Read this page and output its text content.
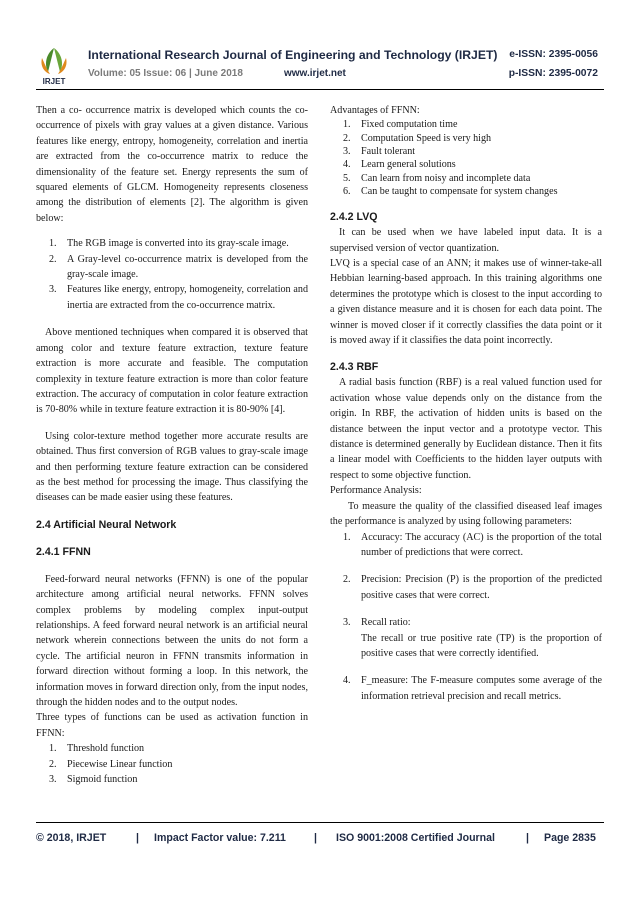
IRJET
International Research Journal of Engineering and Technology (IRJET) e-ISSN: 2395-0056
Volume: 05 Issue: 06 | June 2018	www.irjet.net	p-ISSN: 2395-0072

Then a co- occurrence matrix is developed which counts the co-occurrence of pixels with gray values at a given distance. Various features like energy, entropy, homogeneity, correlation and inertia are extracted from the co-occurrence matrix to reduce the dimensionality of the feature set. Energy represents the sum of squared elements of GLCM. Homogeneity represents closeness among the distribution of elements [2]. The algorithm is given below:

1. The RGB image is converted into its gray-scale image.
2. A Gray-level co-occurrence matrix is developed from the gray-scale image.
3. Features like energy, entropy, homogeneity, correlation and inertia are extracted from the co-occurrence matrix.

Above mentioned techniques when compared it is observed that among color and texture feature extraction, texture feature extraction is more accurate and feasible. The computation complexity in texture feature extraction is more than color feature extraction. The accuracy of computation in color feature extraction is 70-80% while in texture feature extraction it is 80-90% [4].

Using color-texture method together more accurate results are obtained. Thus first conversion of RGB values to gray-scale image and then performing texture feature extraction can be considered as the best method for processing the image. Thus classifying the diseases can be made easier using these features.

2.4 Artificial Neural Network
2.4.1 FFNN

Feed-forward neural networks (FFNN) is one of the popular architecture among artificial neural networks. FFNN solves complex problems by modeling complex input-output relationships. A feed forward neural network is an artificial neural network wherein connections between the units do not form a cycle. The artificial neuron in FFNN transmits information in forward direction without forming a loop. In this network, the information moves in forward direction only, from the input nodes, through the hidden nodes and to the output nodes.

Three types of functions can be used as activation function in FFNN:

1. Threshold function
2. Piecewise Linear function
3. Sigmoid function

Advantages of FFNN:

1. Fixed computation time
2. Computation Speed is very high
3. Fault tolerant
4. Learn general solutions
5. Can learn from noisy and incomplete data
6. Can be taught to compensate for system changes
2.4.2 LVQ

It can be used when we have labeled input data. It is a supervised version of vector quantization.

LVQ is a special case of an ANN; it makes use of winner-take-all Hebbian learning-based approach. In this training algorithms one determines the prototype which is closest to the input according to a given distance measure and it is chosen for each data point. The winner is moved closer if it correctly classifies the data point or it is moved away if it classifies the data point incorrectly.

2.4.3 RBF

A radial basis function (RBF) is a real valued function used for activation whose value depends only on the distance from the origin. In RBF, the activation of hidden units is based on the distance between the input vector and a prototype vector. This distance is determined generally by Euclidean distance. Then it fits a linear model with Coefficients to the hidden layer outputs with respect to some objective function.

Performance Analysis:

To measure the quality of the classified diseased leaf images the performance is analyzed by using following parameters:

1. Accuracy: The accuracy (AC) is the proportion of the total number of predictions that were correct.
2. Precision: Precision (P) is the proportion of the predicted positive cases that were correct.
3. Recall ratio:
The recall or true positive rate (TP) is the proportion of positive cases that were correctly identified.
4. F_measure: The F-measure computes some average of the information retrieval precision and recall metrics.
© 2018, IRJET	| Impact Factor value: 7.211	| ISO 9001:2008 Certified Journal	| Page 2835
